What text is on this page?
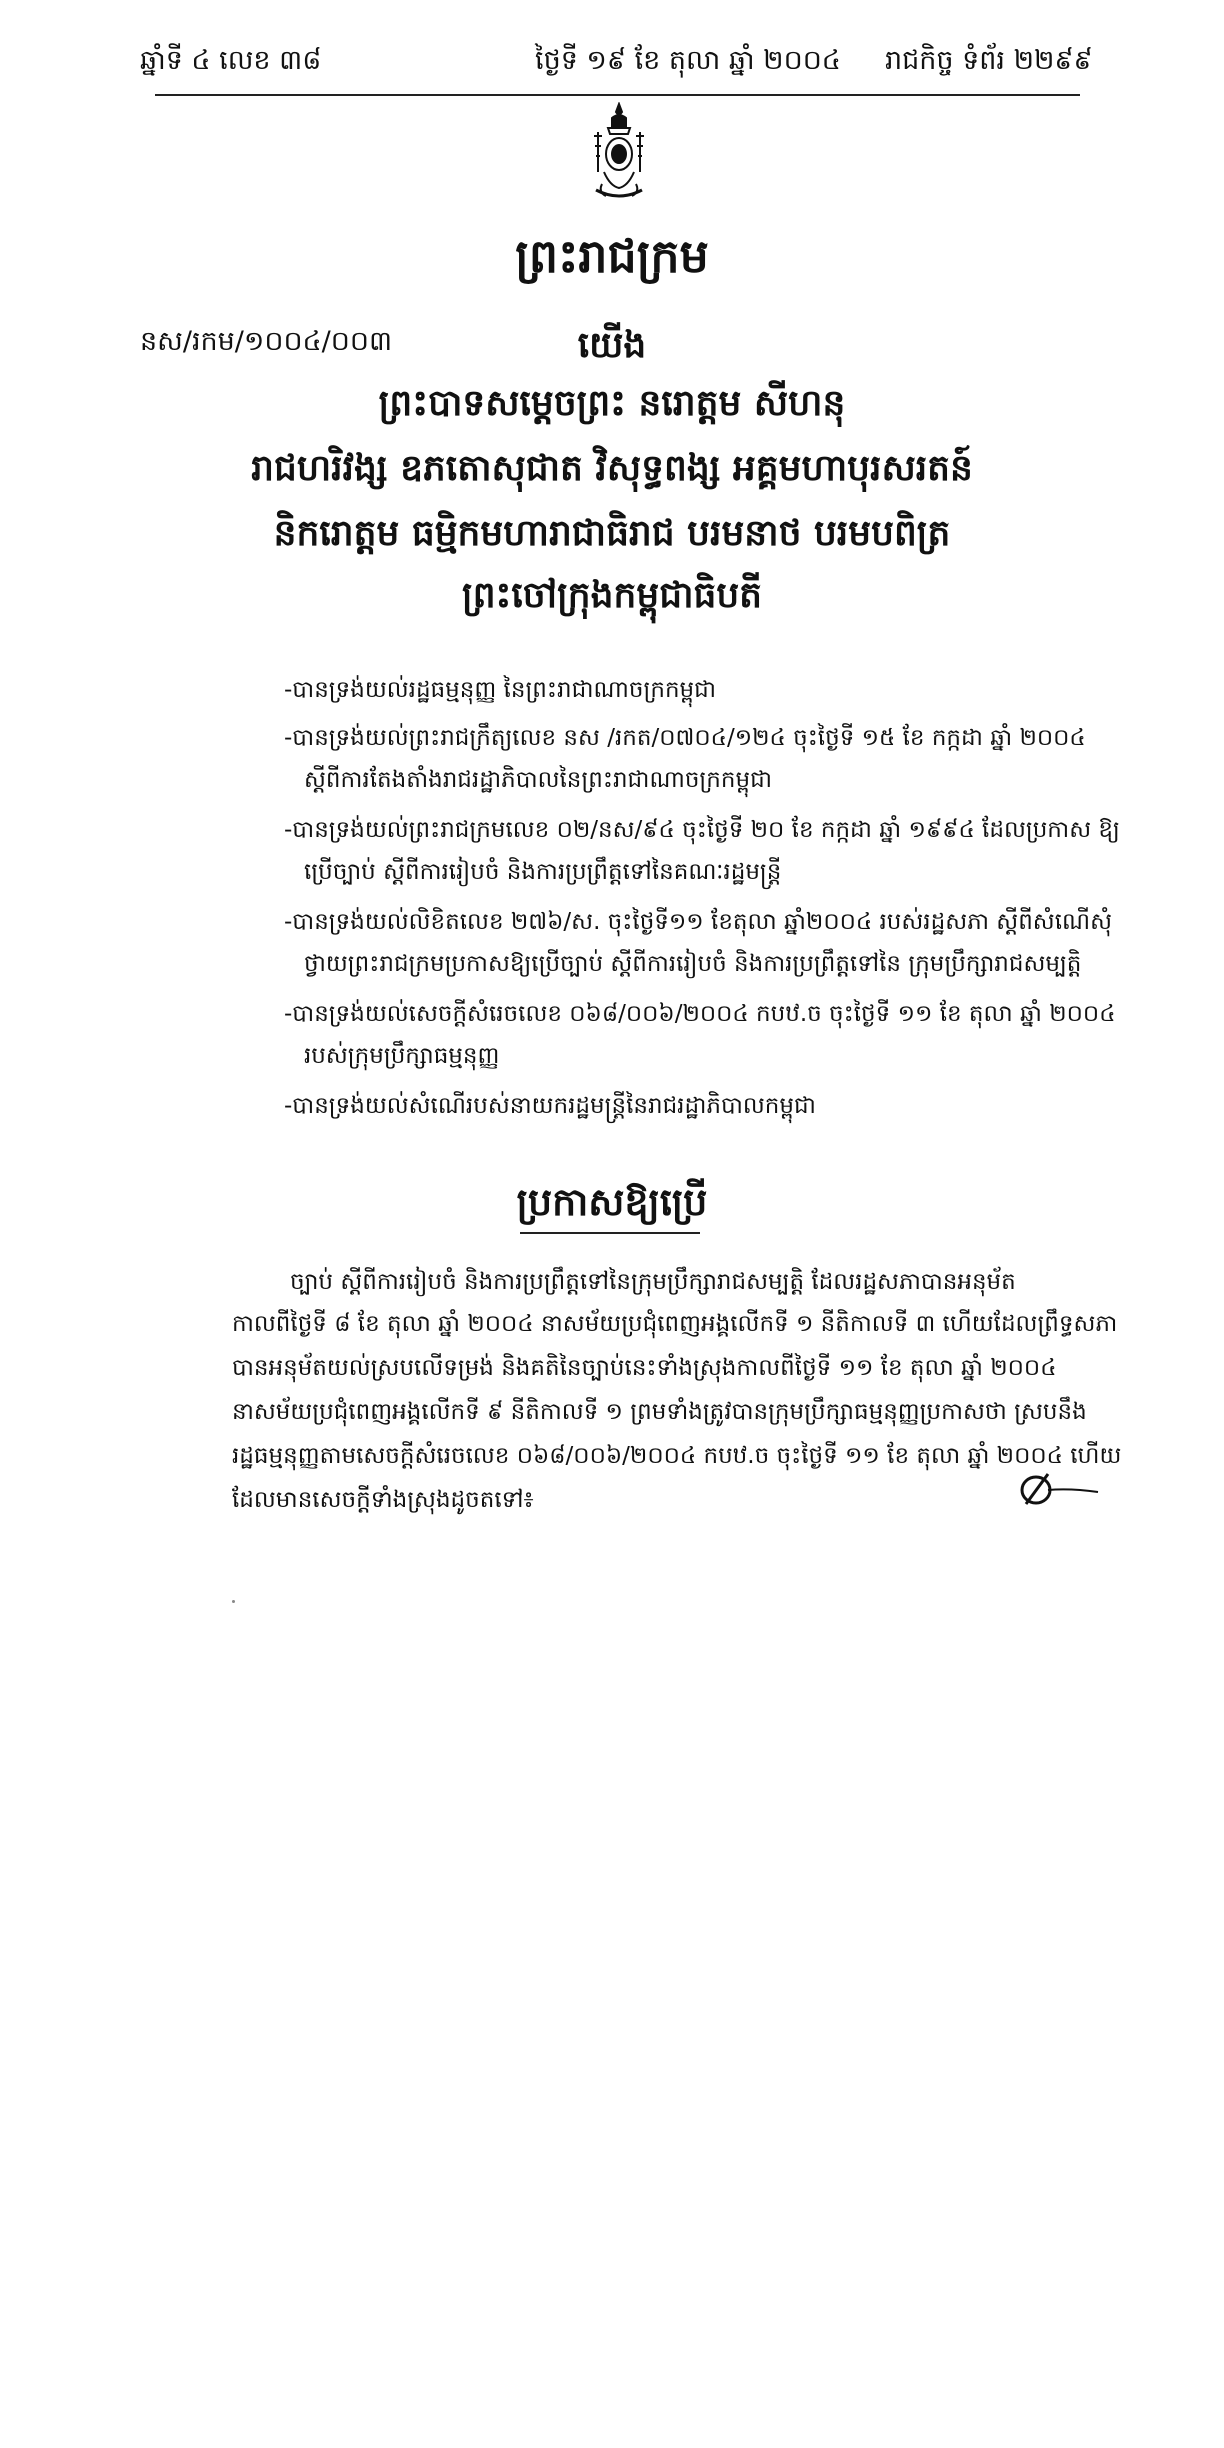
ឆ្នាំទី ៤ លេខ ៣៨	ថ្ងៃទី ១៩ ខែ តុលា ឆ្នាំ ២០០៤ រាជកិច្ច ទំព័រ ២២៩៩
ព្រះរាជក្រម
នស/រកម/១០០៤/០០៣	យើង
ព្រះបាទសម្តេចព្រះ នរោត្តម សីហនុ
រាជហរិវង្ស ឧភតោសុជាត វិសុទ្ធពង្ស អគ្គមហាបុរសរតន៍
និករោត្តម ធម្មិកមហារាជាធិរាជ បរមនាថ បរមបពិត្រ
ព្រះចៅក្រុងកម្ពុជាធិបតី
-បានទ្រង់យល់រដ្ឋធម្មនុញ្ញ នៃព្រះរាជាណាចក្រកម្ពុជា
-បានទ្រង់យល់ព្រះរាជក្រឹត្យលេខ នស /រកត/០៧០៤/១២៤ ចុះថ្ងៃទី ១៥ ខែ កក្កដា ឆ្នាំ ២០០៤
ស្តីពីការតែងតាំងរាជរដ្ឋាភិបាលនៃព្រះរាជាណាចក្រកម្ពុជា
-បានទ្រង់យល់ព្រះរាជក្រមលេខ ០២/នស/៩៤ ចុះថ្ងៃទី ២០ ខែ កក្កដា ឆ្នាំ ១៩៩៤ ដែលប្រកាស ឱ្យ
ប្រើច្បាប់ ស្តីពីការរៀបចំ និងការប្រព្រឹត្តទៅនៃគណៈរដ្ឋមន្ត្រី
-បានទ្រង់យល់លិខិតលេខ ២៧៦/ស. ចុះថ្ងៃទី១១ ខែតុលា ឆ្នាំ២០០៤ របស់រដ្ឋសភា ស្តីពីសំណើសុំ
ថ្វាយព្រះរាជក្រមប្រកាសឱ្យប្រើច្បាប់ ស្តីពីការរៀបចំ និងការប្រព្រឹត្តទៅនៃ ក្រុមប្រឹក្សារាជសម្បត្តិ
-បានទ្រង់យល់សេចក្តីសំរេចលេខ ០៦៨/០០៦/២០០៤ កបឋ.ច ចុះថ្ងៃទី ១១ ខែ តុលា ឆ្នាំ ២០០៤
របស់ក្រុមប្រឹក្សាធម្មនុញ្ញ
-បានទ្រង់យល់សំណើរបស់នាយករដ្ឋមន្ត្រីនៃរាជរដ្ឋាភិបាលកម្ពុជា
ប្រកាសឱ្យប្រើ
ច្បាប់ ស្តីពីការរៀបចំ និងការប្រព្រឹត្តទៅនៃក្រុមប្រឹក្សារាជសម្បត្តិ ដែលរដ្ឋសភាបានអនុម័ត
កាលពីថ្ងៃទី ៨ ខែ តុលា ឆ្នាំ ២០០៤ នាសម័យប្រជុំពេញអង្គលើកទី ១ នីតិកាលទី ៣ ហើយដែលព្រឹទ្ធសភា
បានអនុម័តយល់ស្របលើទម្រង់ និងគតិនៃច្បាប់នេះទាំងស្រុងកាលពីថ្ងៃទី ១១ ខែ តុលា ឆ្នាំ ២០០៤
នាសម័យប្រជុំពេញអង្គលើកទី ៩ នីតិកាលទី ១ ព្រមទាំងត្រូវបានក្រុមប្រឹក្សាធម្មនុញ្ញប្រកាសថា ស្របនឹង
រដ្ឋធម្មនុញ្ញតាមសេចក្តីសំរេចលេខ ០៦៨/០០៦/២០០៤ កបឋ.ច ចុះថ្ងៃទី ១១ ខែ តុលា ឆ្នាំ ២០០៤ ហើយ
ដែលមានសេចក្តីទាំងស្រុងដូចតទៅ៖
